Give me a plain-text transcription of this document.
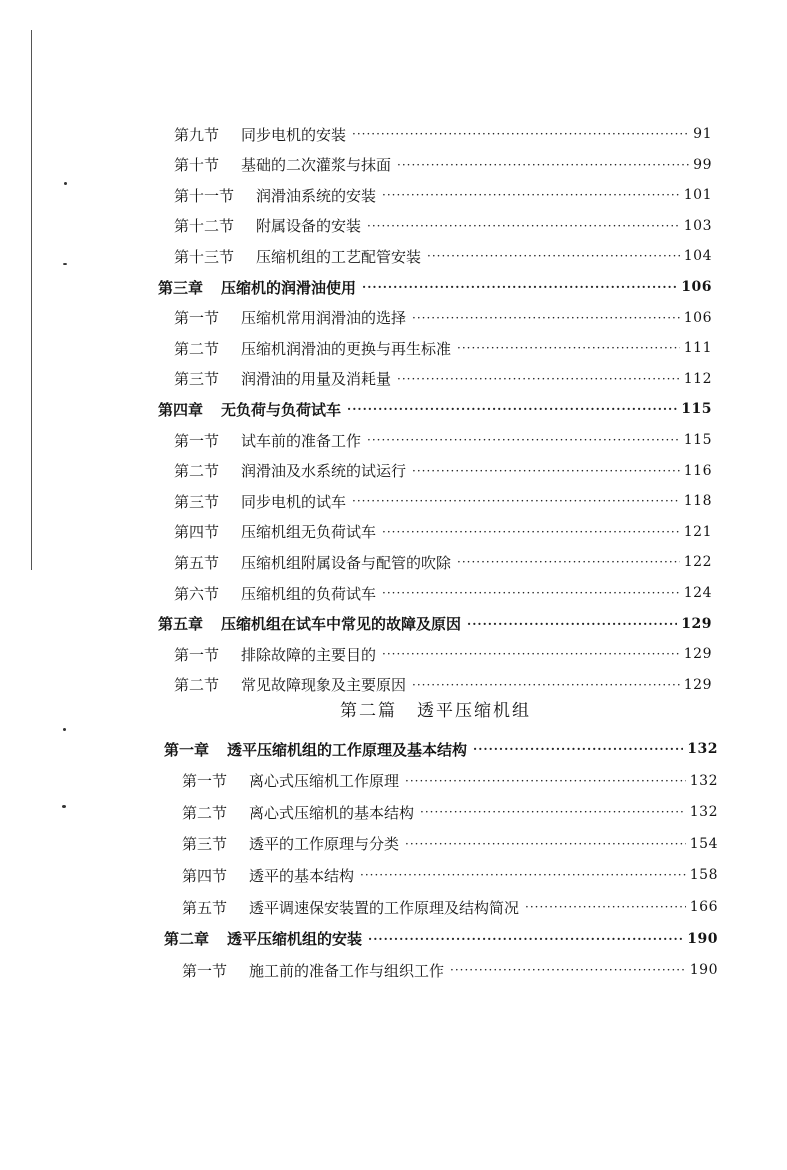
第九节 同步电机的安装 ·····	91
第十节 基础的二次灌浆与抹面 ·····	99
第十一节 润滑油系统的安装 ·····	101
第十二节 附属设备的安装 ·····	103
第十三节 压缩机组的工艺配管安装 ·····	104
第三章 压缩机的润滑油使用 ·····	106
第一节 压缩机常用润滑油的选择 ·····	106
第二节 压缩机润滑油的更换与再生标准 ·····	111
第三节 润滑油的用量及消耗量 ·····	112
第四章 无负荷与负荷试车 ·····	115
第一节 试车前的准备工作 ·····	115
第二节 润滑油及水系统的试运行 ·····	116
第三节 同步电机的试车 ·····	118
第四节 压缩机组无负荷试车 ·····	121
第五节 压缩机组附属设备与配管的吹除 ·····	122
第六节 压缩机组的负荷试车 ·····	124
第五章 压缩机组在试车中常见的故障及原因 ·····	129
第一节 排除故障的主要目的 ·····	129
第二节 常见故障现象及主要原因 ·····	129
第一章 透平压缩机组的工作原理及基本结构 ·····	132
第一节 离心式压缩机工作原理 ·····	132
第二节 离心式压缩机的基本结构 ·····	132
第三节 透平的工作原理与分类 ·····	154
第四节 透平的基本结构 ·····	158
第五节 透平调速保安装置的工作原理及结构简况 ·····	166
第二章 透平压缩机组的安装 ·····	190
第一节 施工前的准备工作与组织工作 ·····	190
第二篇 透平压缩机组
